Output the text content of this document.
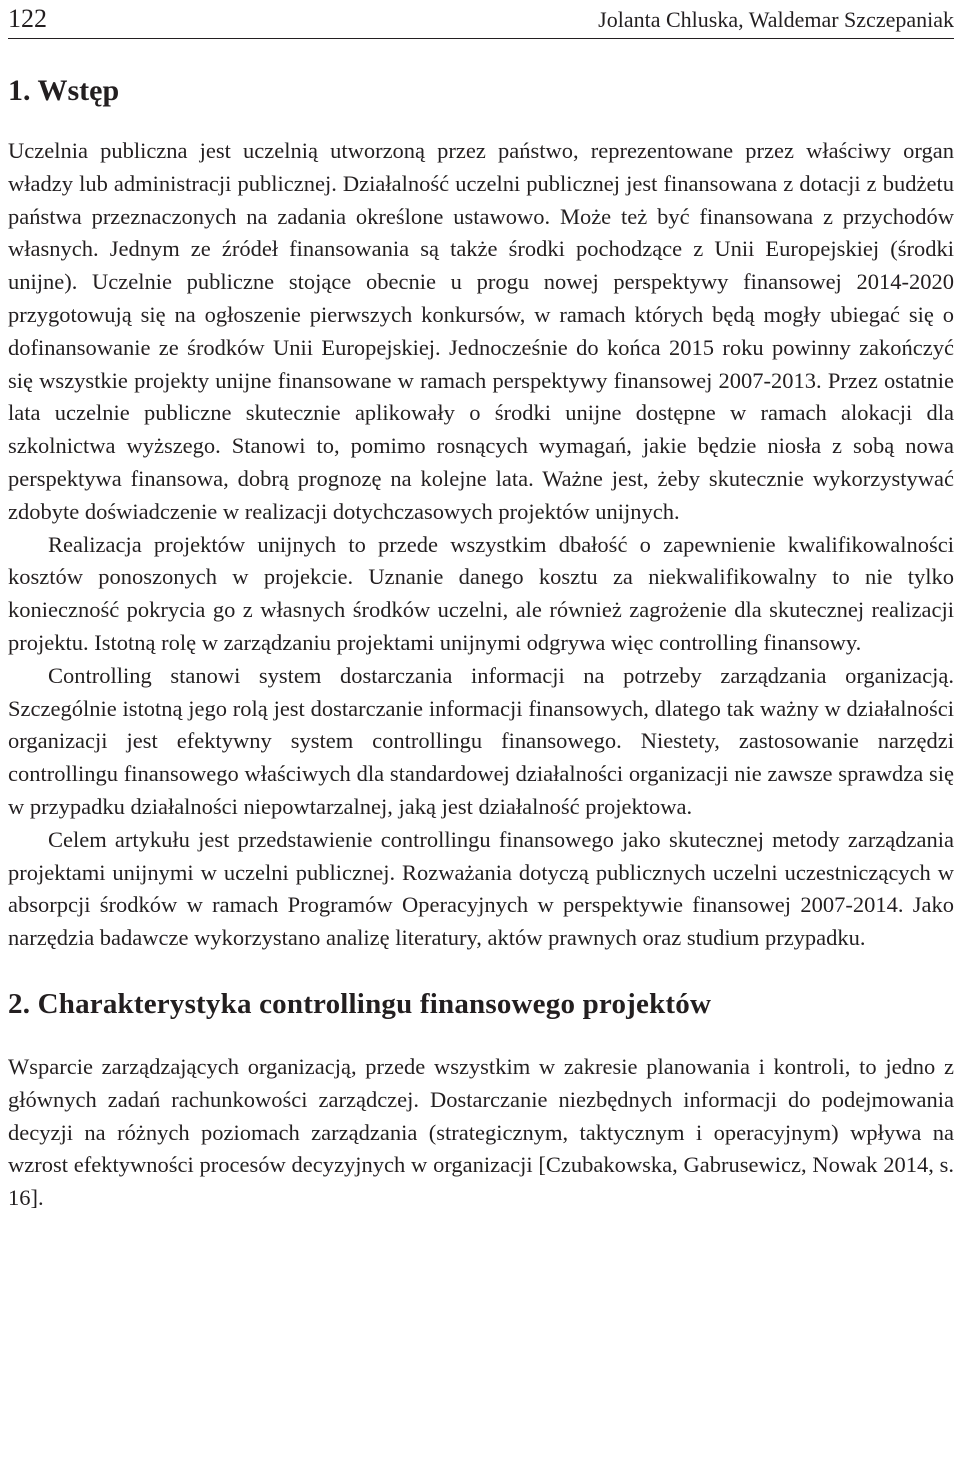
122	Jolanta Chluska, Waldemar Szczepaniak
1. Wstęp

Uczelnia publiczna jest uczelnią utworzoną przez państwo, reprezentowane przez właściwy organ władzy lub administracji publicznej. Działalność uczelni publicznej jest finansowana z dotacji z budżetu państwa przeznaczonych na zadania określone ustawowo. Może też być finansowana z przychodów własnych. Jednym ze źródeł finansowania są także środki pochodzące z Unii Europejskiej (środki unijne). Uczelnie publiczne stojące obecnie u progu nowej perspektywy finansowej 2014-2020 przygotowują się na ogłoszenie pierwszych konkursów, w ramach których będą mogły ubiegać się o dofinansowanie ze środków Unii Europejskiej. Jednocześnie do końca 2015 roku powinny zakończyć się wszystkie projekty unijne finansowane w ramach perspektywy finansowej 2007-2013. Przez ostatnie lata uczelnie publiczne skutecznie aplikowały o środki unijne dostępne w ramach alokacji dla szkolnictwa wyższego. Stanowi to, pomimo rosnących wymagań, jakie będzie niosła z sobą nowa perspektywa finansowa, dobrą prognozę na kolejne lata. Ważne jest, żeby skutecznie wykorzystywać zdobyte doświadczenie w realizacji dotychczasowych projektów unijnych.

Realizacja projektów unijnych to przede wszystkim dbałość o zapewnienie kwalifikowalności kosztów ponoszonych w projekcie. Uznanie danego kosztu za niekwalifikowalny to nie tylko konieczność pokrycia go z własnych środków uczelni, ale również zagrożenie dla skutecznej realizacji projektu. Istotną rolę w zarządzaniu projektami unijnymi odgrywa więc controlling finansowy.

Controlling stanowi system dostarczania informacji na potrzeby zarządzania organizacją. Szczególnie istotną jego rolą jest dostarczanie informacji finansowych, dlatego tak ważny w działalności organizacji jest efektywny system controllingu finansowego. Niestety, zastosowanie narzędzi controllingu finansowego właściwych dla standardowej działalności organizacji nie zawsze sprawdza się w przypadku działalności niepowtarzalnej, jaką jest działalność projektowa.

Celem artykułu jest przedstawienie controllingu finansowego jako skutecznej metody zarządzania projektami unijnymi w uczelni publicznej. Rozważania dotyczą publicznych uczelni uczestniczących w absorpcji środków w ramach Programów Operacyjnych w perspektywie finansowej 2007-2014. Jako narzędzia badawcze wykorzystano analizę literatury, aktów prawnych oraz studium przypadku.

2. Charakterystyka controllingu finansowego projektów

Wsparcie zarządzających organizacją, przede wszystkim w zakresie planowania i kontroli, to jedno z głównych zadań rachunkowości zarządczej. Dostarczanie niezbędnych informacji do podejmowania decyzji na różnych poziomach zarządzania (strategicznym, taktycznym i operacyjnym) wpływa na wzrost efektywności procesów decyzyjnych w organizacji [Czubakowska, Gabrusewicz, Nowak 2014, s. 16].
